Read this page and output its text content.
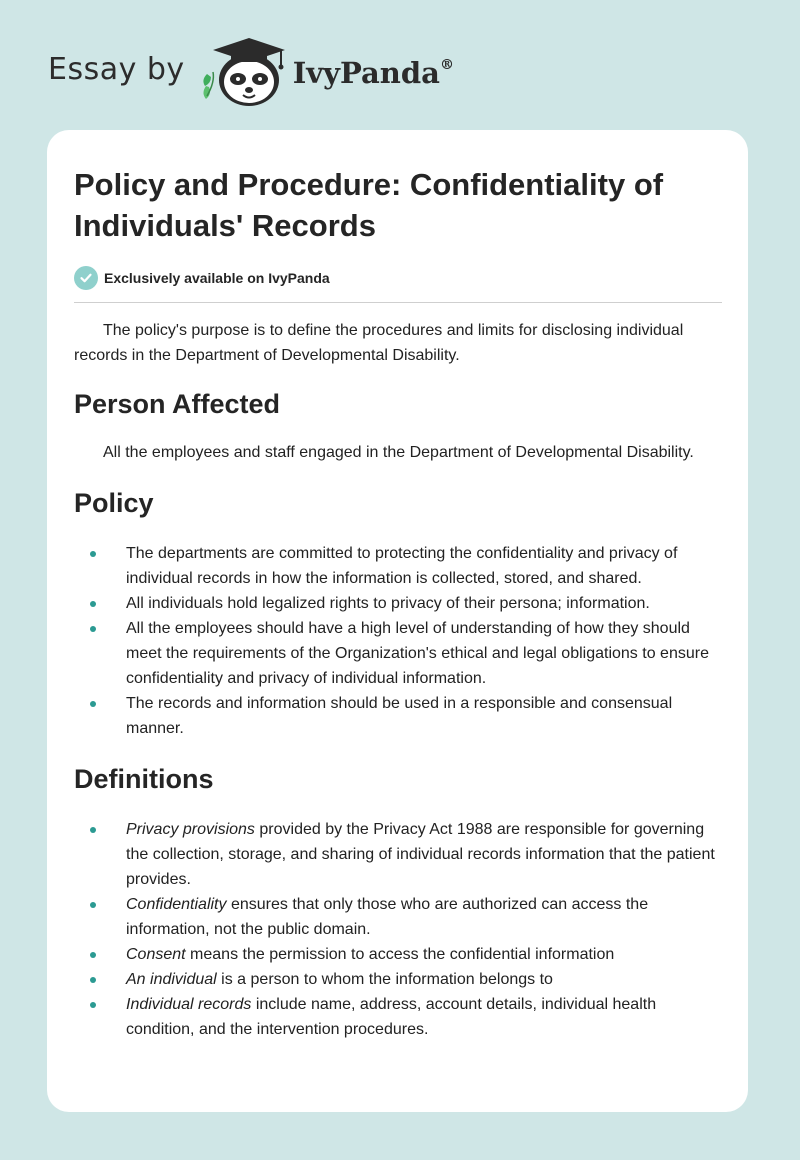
Essay by	IvyPanda®
Policy and Procedure: Confidentiality of Individuals' Records
Exclusively available on IvyPanda

The policy's purpose is to define the procedures and limits for disclosing individual records in the Department of Developmental Disability.

Person Affected

All the employees and staff engaged in the Department of Developmental Disability.

Policy
The departments are committed to protecting the confidentiality and privacy of individual records in how the information is collected, stored, and shared.
All individuals hold legalized rights to privacy of their persona; information.
All the employees should have a high level of understanding of how they should meet the requirements of the Organization's ethical and legal obligations to ensure confidentiality and privacy of individual information.
The records and information should be used in a responsible and consensual manner.
Definitions
Privacy provisions provided by the Privacy Act 1988 are responsible for governing the collection, storage, and sharing of individual records information that the patient provides.
Confidentiality ensures that only those who are authorized can access the information, not the public domain.
Consent means the permission to access the confidential information
An individual is a person to whom the information belongs to
Individual records include name, address, account details, individual health condition, and the intervention procedures.
